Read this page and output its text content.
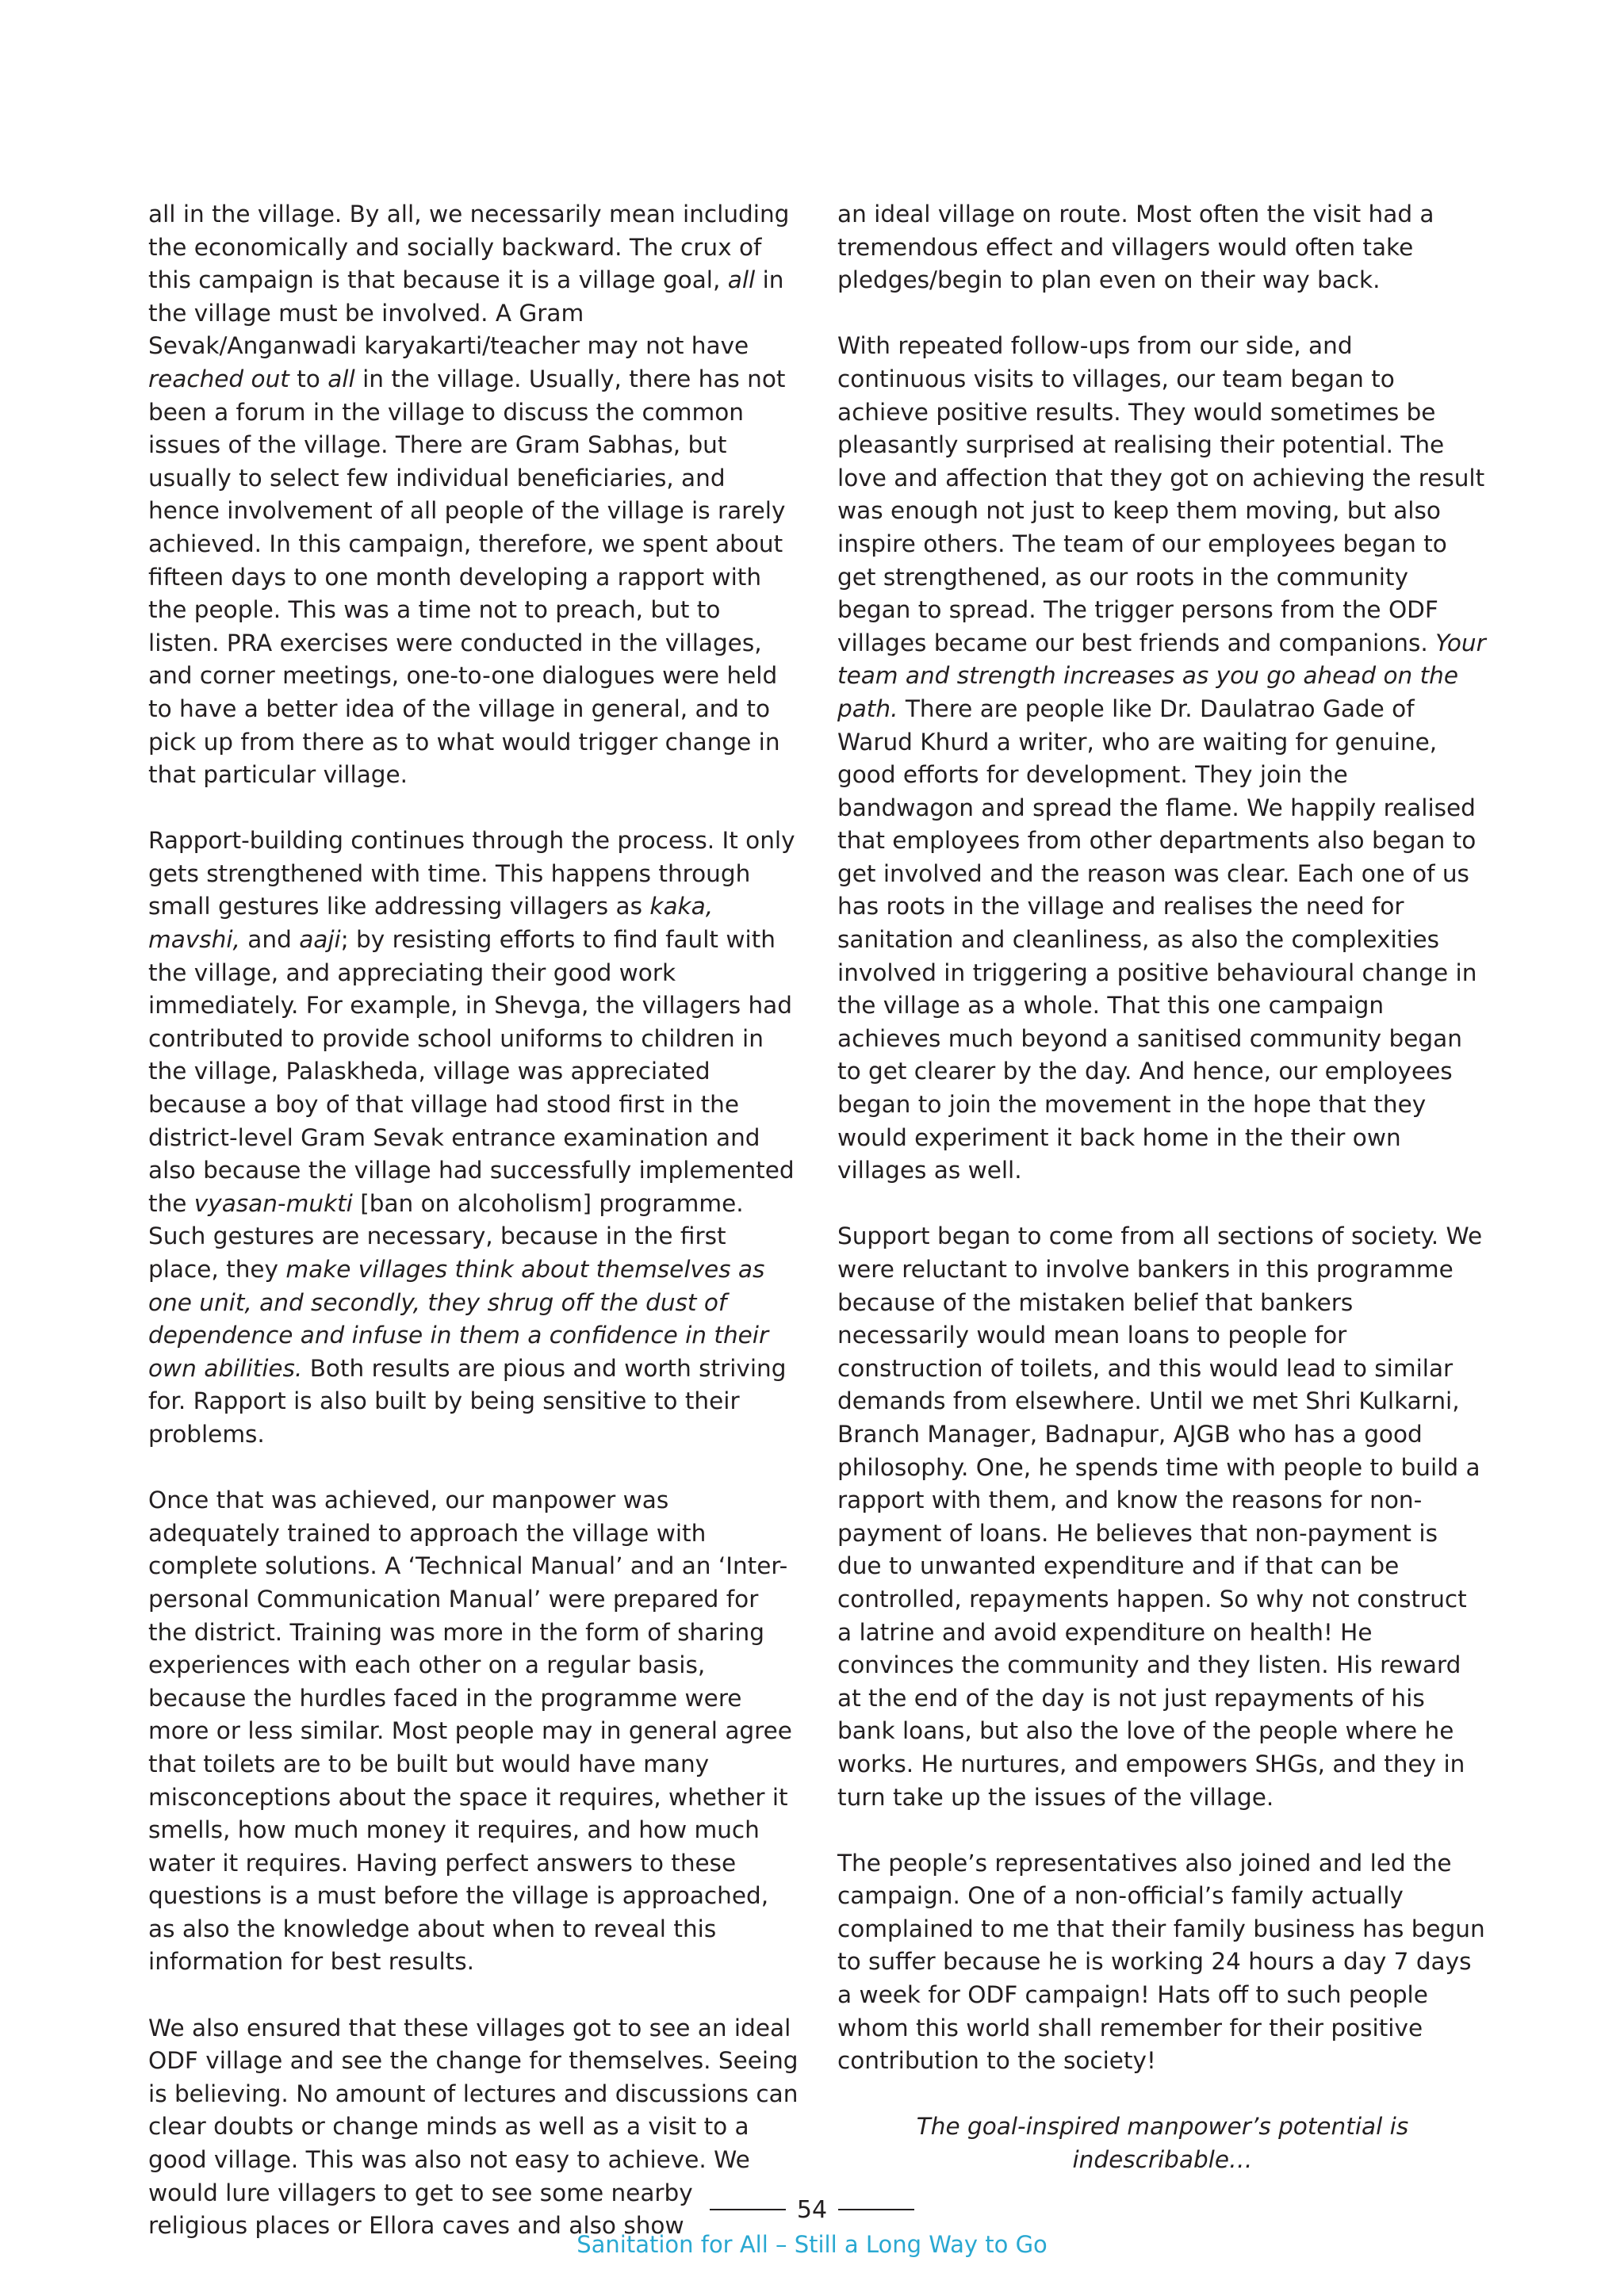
all in the village. By all, we necessarily mean including the economically and socially backward. The crux of this campaign is that because it is a village goal, all in the village must be involved. A Gram Sevak/Anganwadi karyakarti/teacher may not have reached out to all in the village. Usually, there has not been a forum in the village to discuss the common issues of the village. There are Gram Sabhas, but usually to select few individual beneficiaries, and hence involvement of all people of the village is rarely achieved. In this campaign, therefore, we spent about fifteen days to one month developing a rapport with the people. This was a time not to preach, but to listen. PRA exercises were conducted in the villages, and corner meetings, one-to-one dialogues were held to have a better idea of the village in general, and to pick up from there as to what would trigger change in that particular village.

Rapport-building continues through the process. It only gets strengthened with time. This happens through small gestures like addressing villagers as kaka, mavshi, and aaji; by resisting efforts to find fault with the village, and appreciating their good work immediately. For example, in Shevga, the villagers had contributed to provide school uniforms to children in the village, Palaskheda, village was appreciated because a boy of that village had stood first in the district-level Gram Sevak entrance examination and also because the village had successfully implemented the vyasan-mukti [ban on alcoholism] programme. Such gestures are necessary, because in the first place, they make villages think about themselves as one unit, and secondly, they shrug off the dust of dependence and infuse in them a confidence in their own abilities. Both results are pious and worth striving for. Rapport is also built by being sensitive to their problems.

Once that was achieved, our manpower was adequately trained to approach the village with complete solutions. A ‘Technical Manual’ and an ‘Inter-personal Communication Manual’ were prepared for the district. Training was more in the form of sharing experiences with each other on a regular basis, because the hurdles faced in the programme were more or less similar. Most people may in general agree that toilets are to be built but would have many misconceptions about the space it requires, whether it smells, how much money it requires, and how much water it requires. Having perfect answers to these questions is a must before the village is approached, as also the knowledge about when to reveal this information for best results.

We also ensured that these villages got to see an ideal ODF village and see the change for themselves. Seeing is believing. No amount of lectures and discussions can clear doubts or change minds as well as a visit to a good village. This was also not easy to achieve. We would lure villagers to get to see some nearby religious places or Ellora caves and also show

an ideal village on route. Most often the visit had a tremendous effect and villagers would often take pledges/begin to plan even on their way back.

With repeated follow-ups from our side, and continuous visits to villages, our team began to achieve positive results. They would sometimes be pleasantly surprised at realising their potential. The love and affection that they got on achieving the result was enough not just to keep them moving, but also inspire others. The team of our employees began to get strengthened, as our roots in the community began to spread. The trigger persons from the ODF villages became our best friends and companions. Your team and strength increases as you go ahead on the path. There are people like Dr. Daulatrao Gade of Warud Khurd a writer, who are waiting for genuine, good efforts for development. They join the bandwagon and spread the flame. We happily realised that employees from other departments also began to get involved and the reason was clear. Each one of us has roots in the village and realises the need for sanitation and cleanliness, as also the complexities involved in triggering a positive behavioural change in the village as a whole. That this one campaign achieves much beyond a sanitised community began to get clearer by the day. And hence, our employees began to join the movement in the hope that they would experiment it back home in the their own villages as well.

Support began to come from all sections of society. We were reluctant to involve bankers in this programme because of the mistaken belief that bankers necessarily would mean loans to people for construction of toilets, and this would lead to similar demands from elsewhere. Until we met Shri Kulkarni, Branch Manager, Badnapur, AJGB who has a good philosophy. One, he spends time with people to build a rapport with them, and know the reasons for non-payment of loans. He believes that non-payment is due to unwanted expenditure and if that can be controlled, repayments happen. So why not construct a latrine and avoid expenditure on health! He convinces the community and they listen. His reward at the end of the day is not just repayments of his bank loans, but also the love of the people where he works. He nurtures, and empowers SHGs, and they in turn take up the issues of the village.

The people’s representatives also joined and led the campaign. One of a non-official’s family actually complained to me that their family business has begun to suffer because he is working 24 hours a day 7 days a week for ODF campaign! Hats off to such people whom this world shall remember for their positive contribution to the society!

The goal-inspired manpower’s potential is indescribable…

54
Sanitation for All – Still a Long Way to Go
